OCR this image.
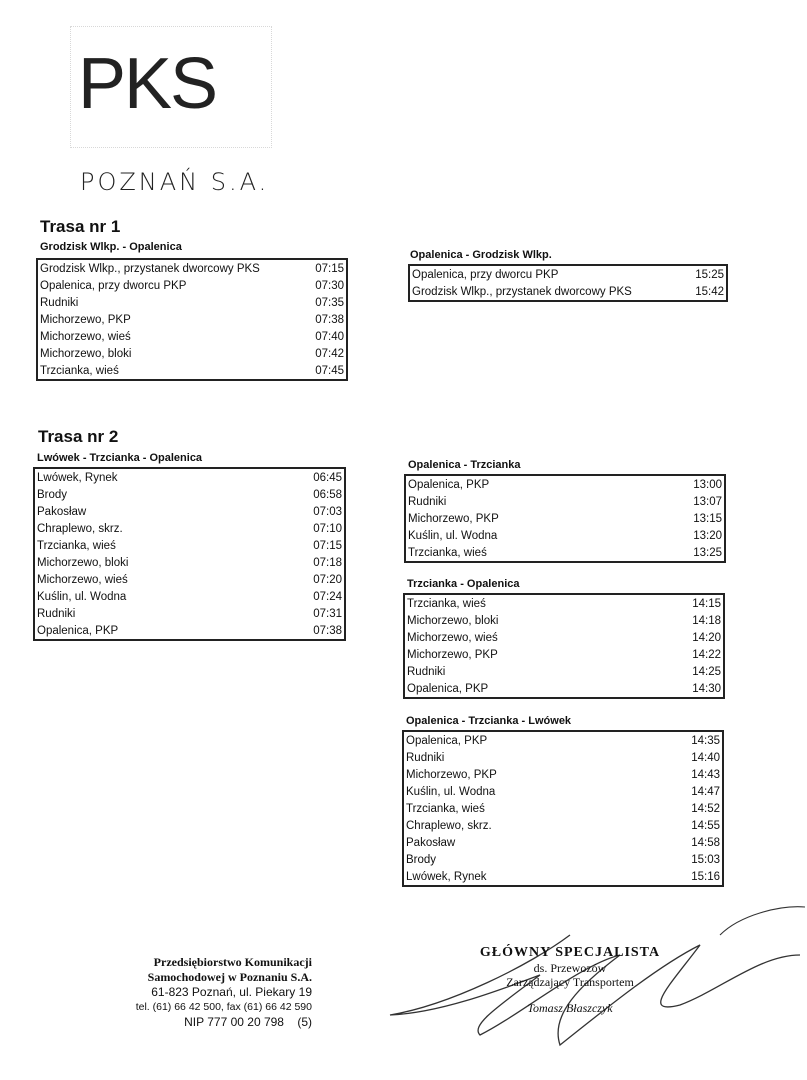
PKS
POZNAŃ S.A.
Trasa nr 1
Grodzisk Wlkp. - Opalenica
Grodzisk Wlkp., przystanek dworcowy PKS	07:15
Opalenica, przy dworcu PKP	07:30
Rudniki	07:35
Michorzewo, PKP	07:38
Michorzewo, wieś	07:40
Michorzewo, bloki	07:42
Trzcianka, wieś	07:45
Opalenica - Grodzisk Wlkp.
Opalenica, przy dworcu PKP	15:25
Grodzisk Wlkp., przystanek dworcowy PKS	15:42
Trasa nr 2
Lwówek - Trzcianka - Opalenica
Lwówek, Rynek	06:45
Brody	06:58
Pakosław	07:03
Chraplewo, skrz.	07:10
Trzcianka, wieś	07:15
Michorzewo, bloki	07:18
Michorzewo, wieś	07:20
Kuślin, ul. Wodna	07:24
Rudniki	07:31
Opalenica, PKP	07:38
Opalenica - Trzcianka
Opalenica, PKP	13:00
Rudniki	13:07
Michorzewo, PKP	13:15
Kuślin, ul. Wodna	13:20
Trzcianka, wieś	13:25
Trzcianka - Opalenica
Trzcianka, wieś	14:15
Michorzewo, bloki	14:18
Michorzewo, wieś	14:20
Michorzewo, PKP	14:22
Rudniki	14:25
Opalenica, PKP	14:30
Opalenica - Trzcianka - Lwówek
Opalenica, PKP	14:35
Rudniki	14:40
Michorzewo, PKP	14:43
Kuślin, ul. Wodna	14:47
Trzcianka, wieś	14:52
Chraplewo, skrz.	14:55
Pakosław	14:58
Brody	15:03
Lwówek, Rynek	15:16
Przedsiębiorstwo Komunikacji
Samochodowej w Poznaniu S.A.
61-823 Poznań, ul. Piekary 19
tel. (61) 66 42 500, fax (61) 66 42 590
NIP 777 00 20 798 (5)
GŁÓWNY SPECJALISTA
ds. Przewozów
Zarządzający Transportem
Tomasz Błaszczyk
